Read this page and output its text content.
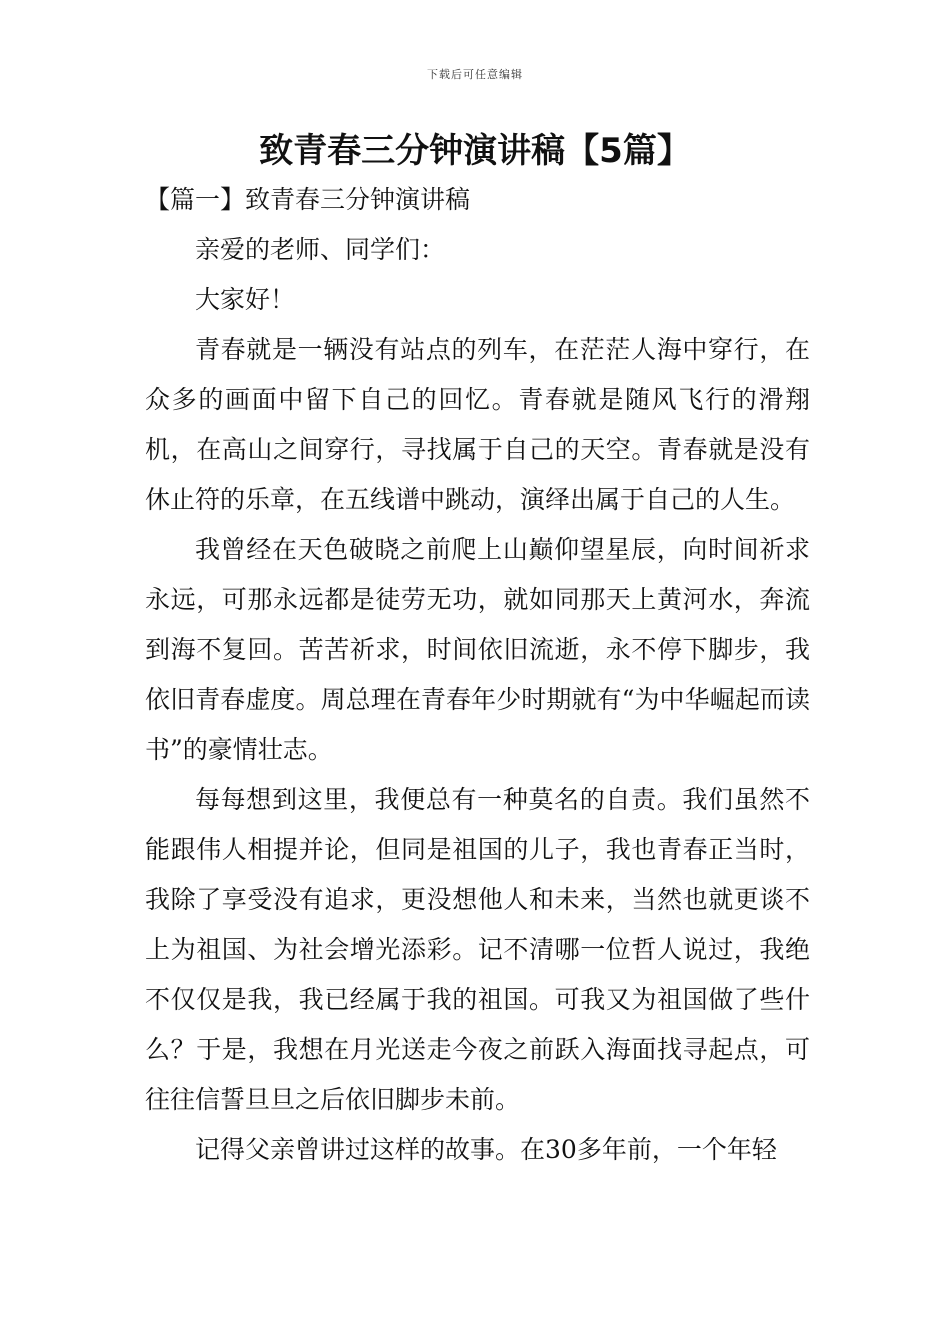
下载后可任意编辑
致青春三分钟演讲稿【5篇】
【篇一】致青春三分钟演讲稿

亲爱的老师、同学们：

大家好！

青春就是一辆没有站点的列车，在茫茫人海中穿行，在众多的画面中留下自己的回忆。青春就是随风飞行的滑翔机，在高山之间穿行，寻找属于自己的天空。青春就是没有休止符的乐章，在五线谱中跳动，演绎出属于自己的人生。

我曾经在天色破晓之前爬上山巅仰望星辰，向时间祈求永远，可那永远都是徒劳无功，就如同那天上黄河水，奔流到海不复回。苦苦祈求，时间依旧流逝，永不停下脚步，我依旧青春虚度。周总理在青春年少时期就有“为中华崛起而读书”的豪情壮志。

每每想到这里，我便总有一种莫名的自责。我们虽然不能跟伟人相提并论，但同是祖国的儿子，我也青春正当时，我除了享受没有追求，更没想他人和未来，当然也就更谈不上为祖国、为社会增光添彩。记不清哪一位哲人说过，我绝不仅仅是我，我已经属于我的祖国。可我又为祖国做了些什么？于是，我想在月光送走今夜之前跃入海面找寻起点，可往往信誓旦旦之后依旧脚步未前。

记得父亲曾讲过这样的故事。在30多年前，一个年轻
